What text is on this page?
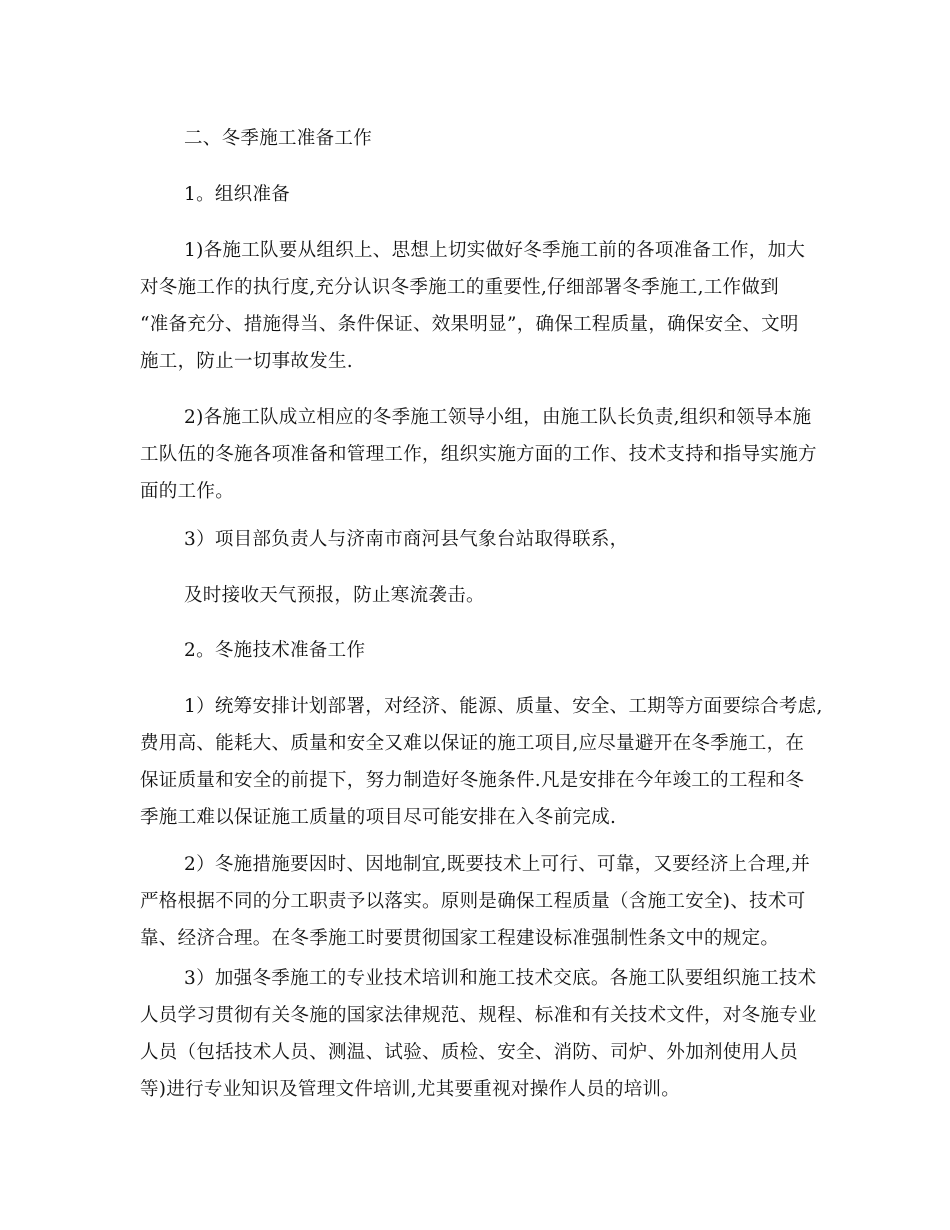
二、冬季施工准备工作

1。组织准备

1)各施工队要从组织上、思想上切实做好冬季施工前的各项准备工作，加大
对冬施工作的执行度,充分认识冬季施工的重要性,仔细部署冬季施工,工作做到
“准备充分、措施得当、条件保证、效果明显”，确保工程质量，确保安全、文明
施工，防止一切事故发生.
2)各施工队成立相应的冬季施工领导小组，由施工队长负责,组织和领导本施
工队伍的冬施各项准备和管理工作，组织实施方面的工作、技术支持和指导实施方
面的工作。

3）项目部负责人与济南市商河县气象台站取得联系，

及时接收天气预报，防止寒流袭击。

2。冬施技术准备工作

1）统筹安排计划部署，对经济、能源、质量、安全、工期等方面要综合考虑,
费用高、能耗大、质量和安全又难以保证的施工项目,应尽量避开在冬季施工，在
保证质量和安全的前提下，努力制造好冬施条件.凡是安排在今年竣工的工程和冬
季施工难以保证施工质量的项目尽可能安排在入冬前完成.
2）冬施措施要因时、因地制宜,既要技术上可行、可靠，又要经济上合理,并
严格根据不同的分工职责予以落实。原则是确保工程质量（含施工安全)、技术可
靠、经济合理。在冬季施工时要贯彻国家工程建设标准强制性条文中的规定。
3）加强冬季施工的专业技术培训和施工技术交底。各施工队要组织施工技术
人员学习贯彻有关冬施的国家法律规范、规程、标准和有关技术文件，对冬施专业
人员（包括技术人员、测温、试验、质检、安全、消防、司炉、外加剂使用人员
等)进行专业知识及管理文件培训,尤其要重视对操作人员的培训。
